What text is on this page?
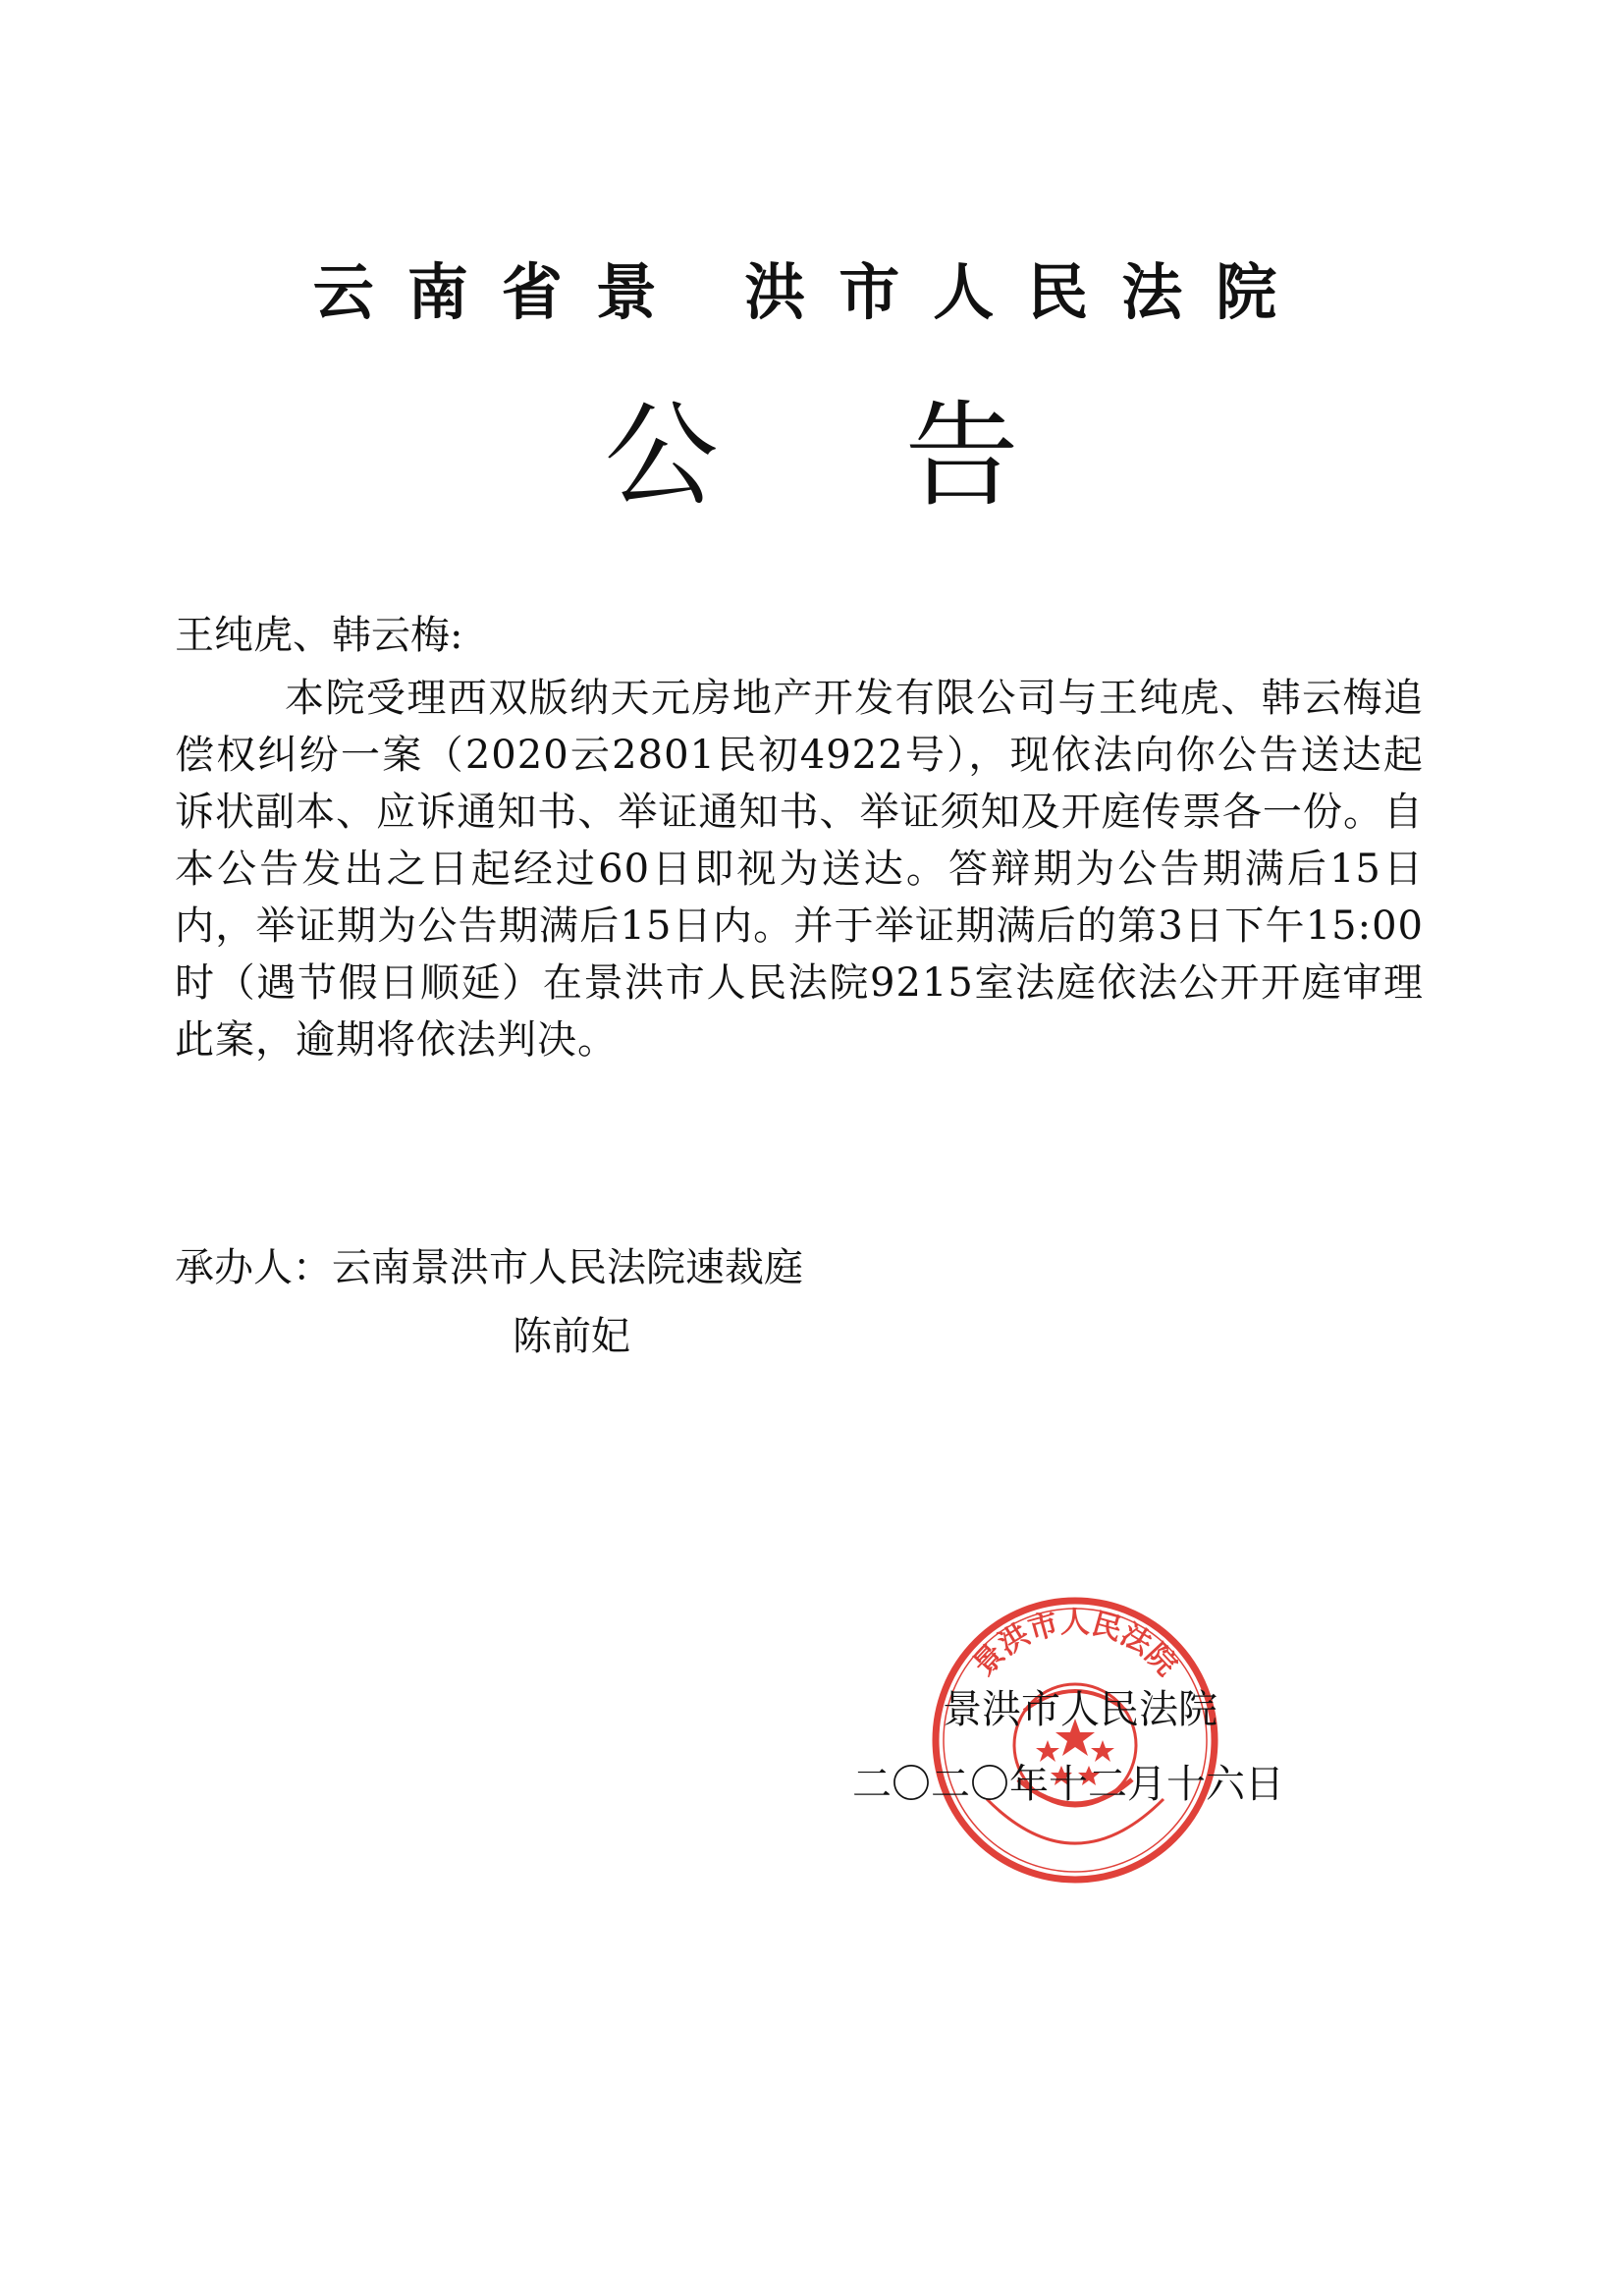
云南省景 洪市人民法院
公告
王纯虎、韩云梅:
本院受理西双版纳天元房地产开发有限公司与王纯虎、韩云梅追偿权纠纷一案（2020云2801民初4922号），现依法向你公告送达起诉状副本、应诉通知书、举证通知书、举证须知及开庭传票各一份。自本公告发出之日起经过60日即视为送达。答辩期为公告期满后15日内，举证期为公告期满后15日内。并于举证期满后的第3日下午15:00时（遇节假日顺延）在景洪市人民法院9215室法庭依法公开开庭审理此案，逾期将依法判决。
承办人：云南景洪市人民法院速裁庭
陈前妃
景洪市人民法院
景洪市人民法院
二〇二〇年十二月十六日
